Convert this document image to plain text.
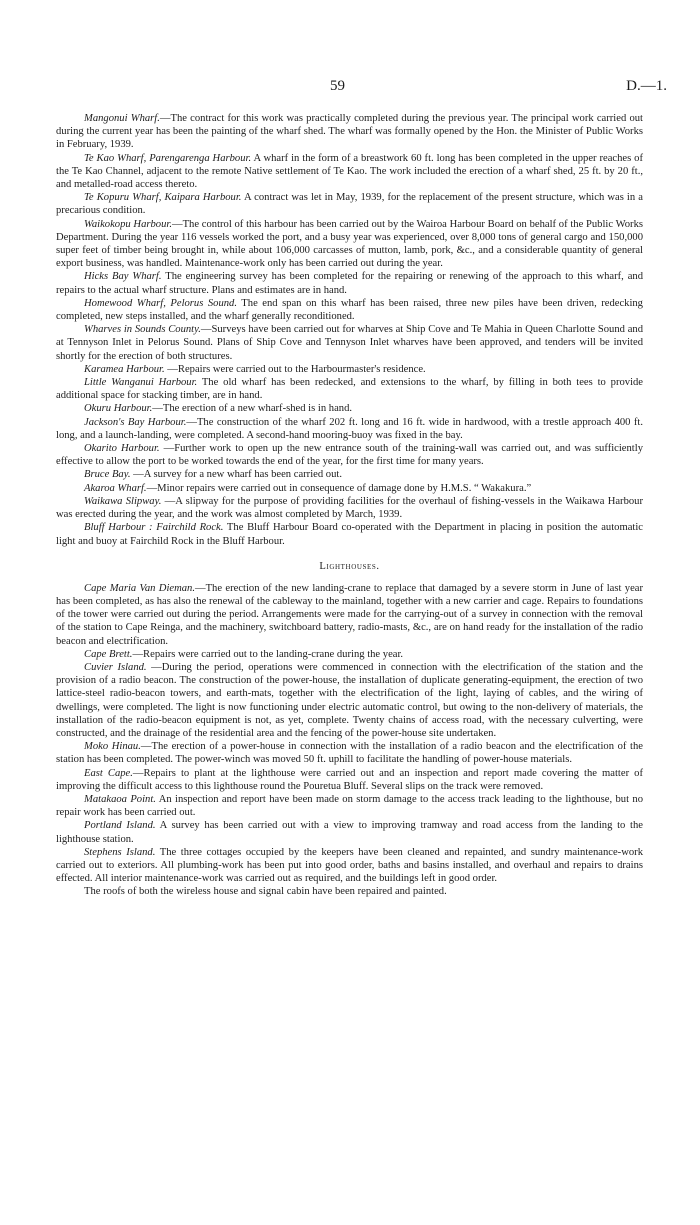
59	D.—1.

Mangonui Wharf.—The contract for this work was practically completed during the previous year. The principal work carried out during the current year has been the painting of the wharf shed. The wharf was formally opened by the Hon. the Minister of Public Works in February, 1939.

Te Kao Wharf, Parengarenga Harbour. A wharf in the form of a breastwork 60 ft. long has been completed in the upper reaches of the Te Kao Channel, adjacent to the remote Native settlement of Te Kao. The work included the erection of a wharf shed, 25 ft. by 20 ft., and metalled-road access thereto.

Te Kopuru Wharf, Kaipara Harbour. A contract was let in May, 1939, for the replacement of the present structure, which was in a precarious condition.

Waikokopu Harbour.—The control of this harbour has been carried out by the Wairoa Harbour Board on behalf of the Public Works Department. During the year 116 vessels worked the port, and a busy year was experienced, over 8,000 tons of general cargo and 150,000 super feet of timber being brought in, while about 106,000 carcasses of mutton, lamb, pork, &c., and a considerable quantity of general export business, was handled. Maintenance-work only has been carried out during the year.

Hicks Bay Wharf. The engineering survey has been completed for the repairing or renewing of the approach to this wharf, and repairs to the actual wharf structure. Plans and estimates are in hand.

Homewood Wharf, Pelorus Sound. The end span on this wharf has been raised, three new piles have been driven, redecking completed, new steps installed, and the wharf generally reconditioned.

Wharves in Sounds County.—Surveys have been carried out for wharves at Ship Cove and Te Mahia in Queen Charlotte Sound and at Tennyson Inlet in Pelorus Sound. Plans of Ship Cove and Tennyson Inlet wharves have been approved, and tenders will be invited shortly for the erection of both structures.

Karamea Harbour. —Repairs were carried out to the Harbourmaster's residence.

Little Wanganui Harbour. The old wharf has been redecked, and extensions to the wharf, by filling in both tees to provide additional space for stacking timber, are in hand.

Okuru Harbour.—The erection of a new wharf-shed is in hand.

Jackson's Bay Harbour.—The construction of the wharf 202 ft. long and 16 ft. wide in hardwood, with a trestle approach 400 ft. long, and a launch-landing, were completed. A second-hand mooring-buoy was fixed in the bay.

Okarito Harbour. —Further work to open up the new entrance south of the training-wall was carried out, and was sufficiently effective to allow the port to be worked towards the end of the year, for the first time for many years.

Bruce Bay. —A survey for a new wharf has been carried out.

Akaroa Wharf.—Minor repairs were carried out in consequence of damage done by H.M.S. “ Wakakura.”

Waikawa Slipway. —A slipway for the purpose of providing facilities for the overhaul of fishing-vessels in the Waikawa Harbour was erected during the year, and the work was almost completed by March, 1939.

Bluff Harbour : Fairchild Rock. The Bluff Harbour Board co-operated with the Department in placing in position the automatic light and buoy at Fairchild Rock in the Bluff Harbour.

Lighthouses.

Cape Maria Van Dieman.—The erection of the new landing-crane to replace that damaged by a severe storm in June of last year has been completed, as has also the renewal of the cableway to the mainland, together with a new carrier and cage. Repairs to foundations of the tower were carried out during the period. Arrangements were made for the carrying-out of a survey in connection with the removal of the station to Cape Reinga, and the machinery, switchboard battery, radio-masts, &c., are on hand ready for the installation of the radio beacon and electrification.

Cape Brett.—Repairs were carried out to the landing-crane during the year.

Cuvier Island. —During the period, operations were commenced in connection with the electrification of the station and the provision of a radio beacon. The construction of the power-house, the installation of duplicate generating-equipment, the erection of two lattice-steel radio-beacon towers, and earth-mats, together with the electrification of the light, laying of cables, and the wiring of dwellings, were completed. The light is now functioning under electric automatic control, but owing to the non-delivery of materials, the installation of the radio-beacon equipment is not, as yet, complete. Twenty chains of access road, with the necessary culverting, were constructed, and the drainage of the residential area and the fencing of the power-house site undertaken.

Moko Hinau.—The erection of a power-house in connection with the installation of a radio beacon and the electrification of the station has been completed. The power-winch was moved 50 ft. uphill to facilitate the handling of power-house materials.

East Cape.—Repairs to plant at the lighthouse were carried out and an inspection and report made covering the matter of improving the difficult access to this lighthouse round the Pouretua Bluff. Several slips on the track were removed.

Matakaoa Point. An inspection and report have been made on storm damage to the access track leading to the lighthouse, but no repair work has been carried out.

Portland Island. A survey has been carried out with a view to improving tramway and road access from the landing to the lighthouse station.

Stephens Island. The three cottages occupied by the keepers have been cleaned and repainted, and sundry maintenance-work carried out to exteriors. All plumbing-work has been put into good order, baths and basins installed, and overhaul and repairs to drains effected. All interior maintenance-work was carried out as required, and the buildings left in good order.

The roofs of both the wireless house and signal cabin have been repaired and painted.
